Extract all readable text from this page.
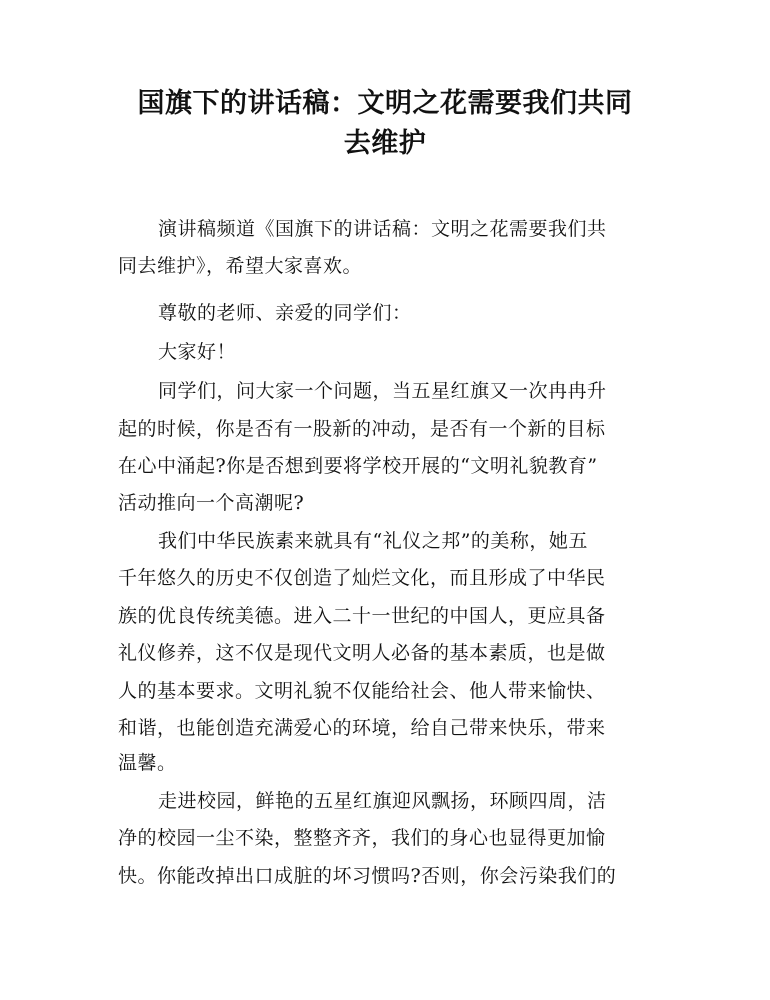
国旗下的讲话稿：文明之花需要我们共同
去维护
演讲稿频道《国旗下的讲话稿：文明之花需要我们共
同去维护》，希望大家喜欢。
尊敬的老师、亲爱的同学们：
大家好！
同学们，问大家一个问题，当五星红旗又一次冉冉升
起的时候，你是否有一股新的冲动，是否有一个新的目标
在心中涌起?你是否想到要将学校开展的“文明礼貌教育”
活动推向一个高潮呢?
我们中华民族素来就具有“礼仪之邦”的美称，她五
千年悠久的历史不仅创造了灿烂文化，而且形成了中华民
族的优良传统美德。进入二十一世纪的中国人，更应具备
礼仪修养，这不仅是现代文明人必备的基本素质，也是做
人的基本要求。文明礼貌不仅能给社会、他人带来愉快、
和谐，也能创造充满爱心的环境，给自己带来快乐，带来
温馨。
走进校园，鲜艳的五星红旗迎风飘扬，环顾四周，洁
净的校园一尘不染，整整齐齐，我们的身心也显得更加愉
快。你能改掉出口成脏的坏习惯吗?否则，你会污染我们的
